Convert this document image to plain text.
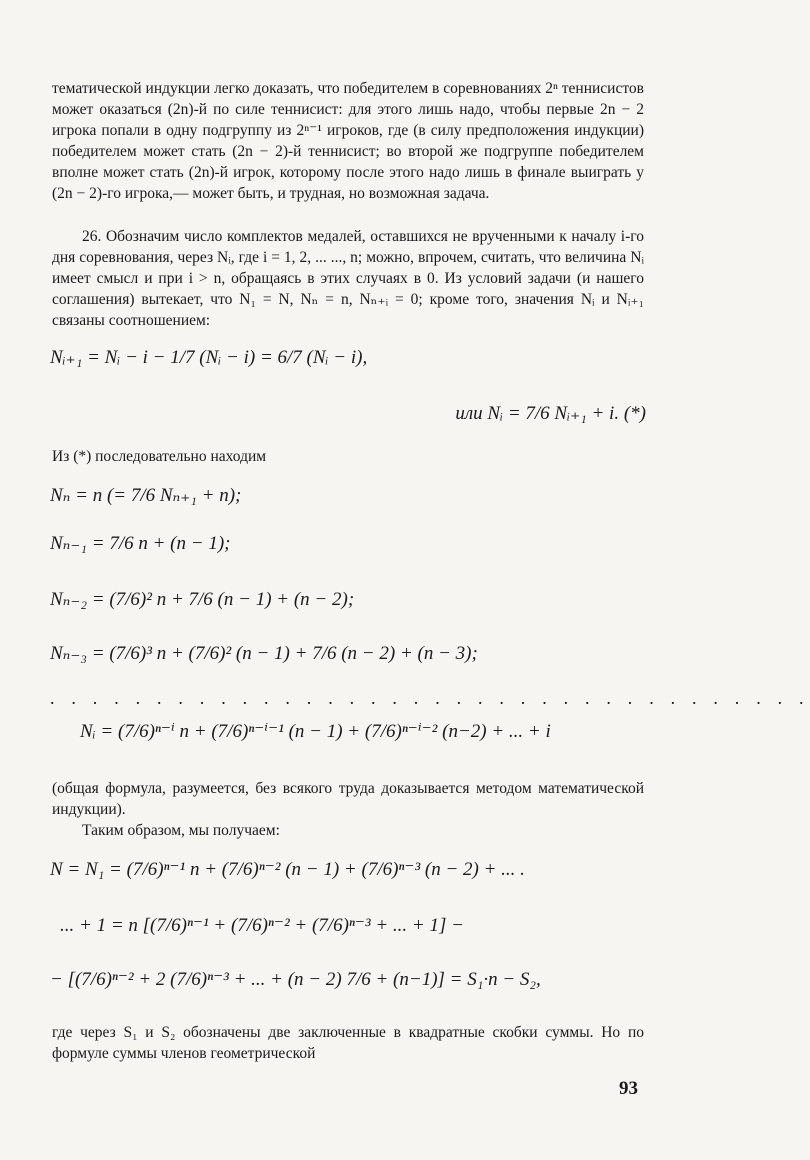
тематической индукции легко доказать, что победителем в соревнованиях 2ⁿ теннисистов может оказаться (2n)-й по силе теннисист: для этого лишь надо, чтобы первые 2n − 2 игрока попали в одну подгруппу из 2ⁿ⁻¹ игроков, где (в силу предположения индукции) победителем может стать (2n − 2)-й теннисист; во второй же подгруппе победителем вполне может стать (2n)-й игрок, которому после этого надо лишь в финале выиграть у (2n − 2)-го игрока,— может быть, и трудная, но возможная задача.

26. Обозначим число комплектов медалей, оставшихся не врученными к началу i-го дня соревнования, через Nᵢ, где i = 1, 2, ... ..., n; можно, впрочем, считать, что величина Nᵢ имеет смысл и при i > n, обращаясь в этих случаях в 0. Из условий задачи (и нашего соглашения) вытекает, что N₁ = N, Nₙ = n, Nₙ₊ᵢ = 0; кроме того, значения Nᵢ и Nᵢ₊₁ связаны соотношением:

Nᵢ₊₁ = Nᵢ − i − 1/7 (Nᵢ − i) = 6/7 (Nᵢ − i),
или Nᵢ = 7/6 Nᵢ₊₁ + i. (*)

Из (*) последовательно находим

Nₙ = n (= 7/6 Nₙ₊₁ + n);
Nₙ₋₁ = 7/6 n + (n − 1);
Nₙ₋₂ = (7/6)² n + 7/6 (n − 1) + (n − 2);
Nₙ₋₃ = (7/6)³ n + (7/6)² (n − 1) + 7/6 (n − 2) + (n − 3);
. . . . . . . . . . . . . . . . . . . . . . . . . . . . . . . . . . . .
Nᵢ = (7/6)ⁿ⁻ⁱ n + (7/6)ⁿ⁻ⁱ⁻¹ (n − 1) + (7/6)ⁿ⁻ⁱ⁻² (n−2) + ... + i

(общая формула, разумеется, без всякого труда доказывается методом математической индукции).

Таким образом, мы получаем:

N = N₁ = (7/6)ⁿ⁻¹ n + (7/6)ⁿ⁻² (n − 1) + (7/6)ⁿ⁻³ (n − 2) + ... .
... + 1 = n [(7/6)ⁿ⁻¹ + (7/6)ⁿ⁻² + (7/6)ⁿ⁻³ + ... + 1] −
− [(7/6)ⁿ⁻² + 2 (7/6)ⁿ⁻³ + ... + (n − 2) 7/6 + (n−1)] = S₁·n − S₂,

где через S₁ и S₂ обозначены две заключенные в квадратные скобки суммы. Но по формуле суммы членов геометрической

93
